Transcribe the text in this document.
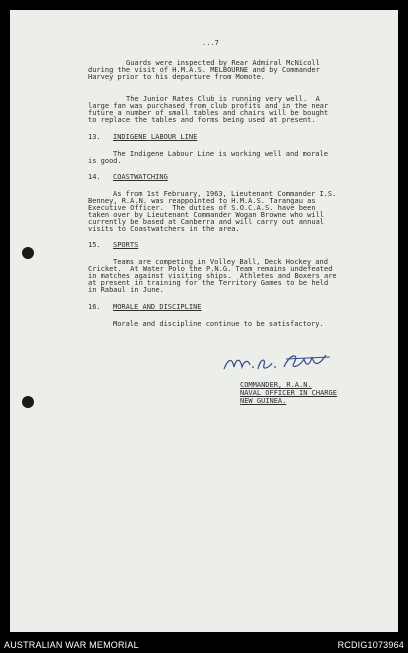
...7
Guards were inspected by Rear Admiral McNicoll
during the visit of H.M.A.S. MELBOURNE and by Commander
Harvey prior to his departure from Momote.
The Junior Rates Club is running very well.  A
large fan was purchased from club profits and in the near
future a number of small tables and chairs will be bought
to replace the tables and forms being used at present.
13. INDIGENE LABOUR LINE
The Indigene Labour Line is working well and morale
is good.
14. COASTWATCHING
As from 1st February, 1963, Lieutenant Commander I.S.
Benney, R.A.N. was reappointed to H.M.A.S. Tarangau as
Executive Officer.  The duties of S.O.C.A.S. have been
taken over by Lieutenant Commander Wogan Browne who will
currently be based at Canberra and will carry out annual
visits to Coastwatchers in the area.
15. SPORTS
Teams are competing in Volley Ball, Deck Hockey and
Cricket.  At Water Polo the P.N.G. Team remains undefeated
in matches against visiting ships.  Athletes and Boxers are
at present in training for the Territory Games to be held
in Rabaul in June.
16. MORALE AND DISCIPLINE
Morale and discipline continue to be satisfactory.
COMMANDER, R.A.N.
NAVAL OFFICER IN CHARGE
NEW GUINEA.
AUSTRALIAN WAR MEMORIAL	RCDIG1073964
